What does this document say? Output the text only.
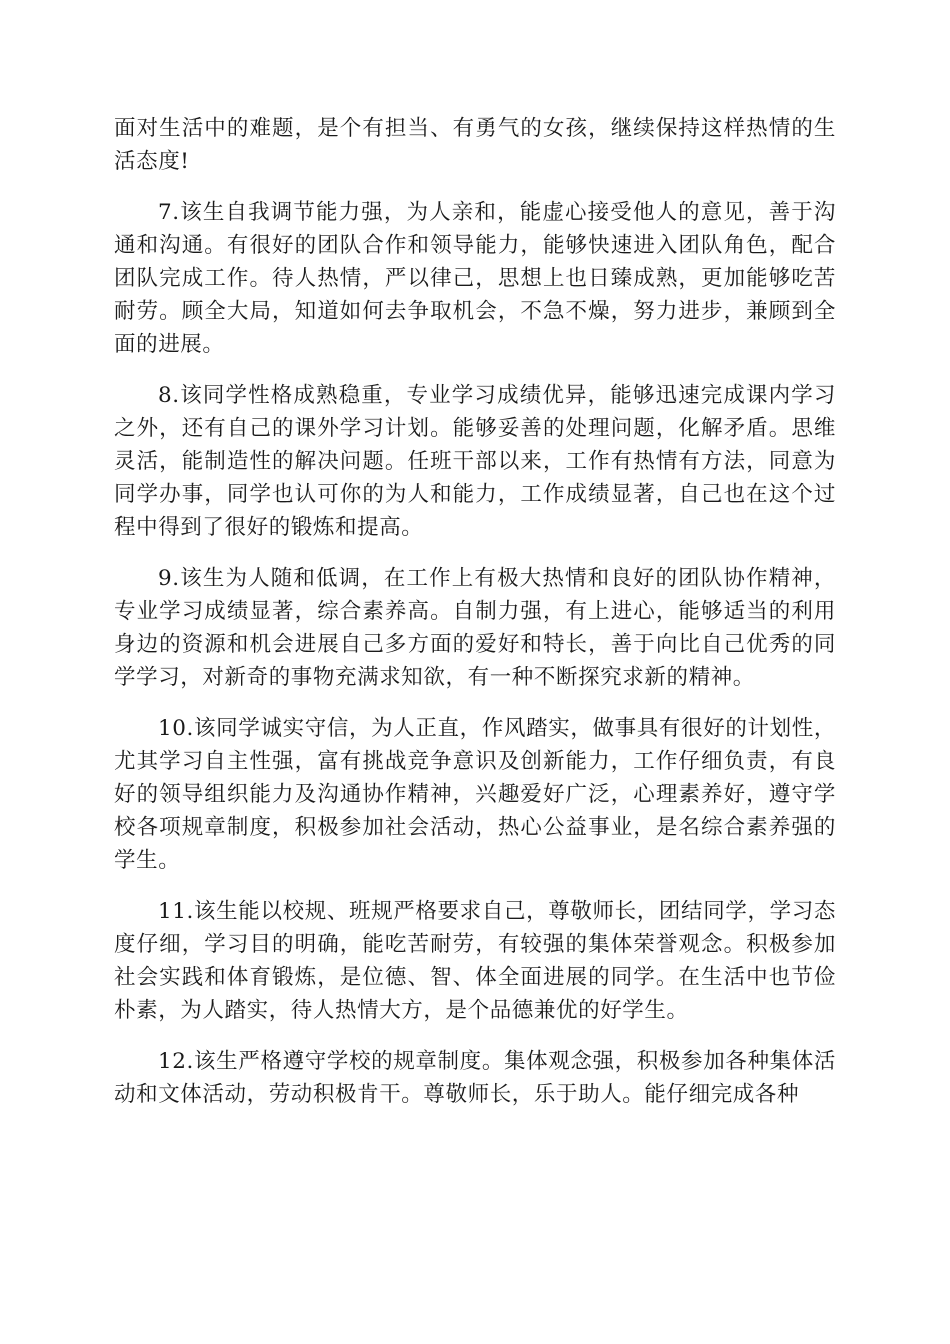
面对生活中的难题，是个有担当、有勇气的女孩，继续保持这样热情的生活态度!

7.该生自我调节能力强，为人亲和，能虚心接受他人的意见，善于沟通和沟通。有很好的团队合作和领导能力，能够快速进入团队角色，配合团队完成工作。待人热情，严以律己，思想上也日臻成熟，更加能够吃苦耐劳。顾全大局，知道如何去争取机会，不急不燥，努力进步，兼顾到全面的进展。

8.该同学性格成熟稳重，专业学习成绩优异，能够迅速完成课内学习之外，还有自己的课外学习计划。能够妥善的处理问题，化解矛盾。思维灵活，能制造性的解决问题。任班干部以来，工作有热情有方法，同意为同学办事，同学也认可你的为人和能力，工作成绩显著，自己也在这个过程中得到了很好的锻炼和提高。

9.该生为人随和低调，在工作上有极大热情和良好的团队协作精神，专业学习成绩显著，综合素养高。自制力强，有上进心，能够适当的利用身边的资源和机会进展自己多方面的爱好和特长，善于向比自己优秀的同学学习，对新奇的事物充满求知欲，有一种不断探究求新的精神。

10.该同学诚实守信，为人正直，作风踏实，做事具有很好的计划性，尤其学习自主性强，富有挑战竞争意识及创新能力，工作仔细负责，有良好的领导组织能力及沟通协作精神，兴趣爱好广泛，心理素养好，遵守学校各项规章制度，积极参加社会活动，热心公益事业，是名综合素养强的学生。

11.该生能以校规、班规严格要求自己，尊敬师长，团结同学，学习态度仔细，学习目的明确，能吃苦耐劳，有较强的集体荣誉观念。积极参加社会实践和体育锻炼，是位德、智、体全面进展的同学。在生活中也节俭朴素，为人踏实，待人热情大方，是个品德兼优的好学生。

12.该生严格遵守学校的规章制度。集体观念强，积极参加各种集体活动和文体活动，劳动积极肯干。尊敬师长，乐于助人。能仔细完成各种
